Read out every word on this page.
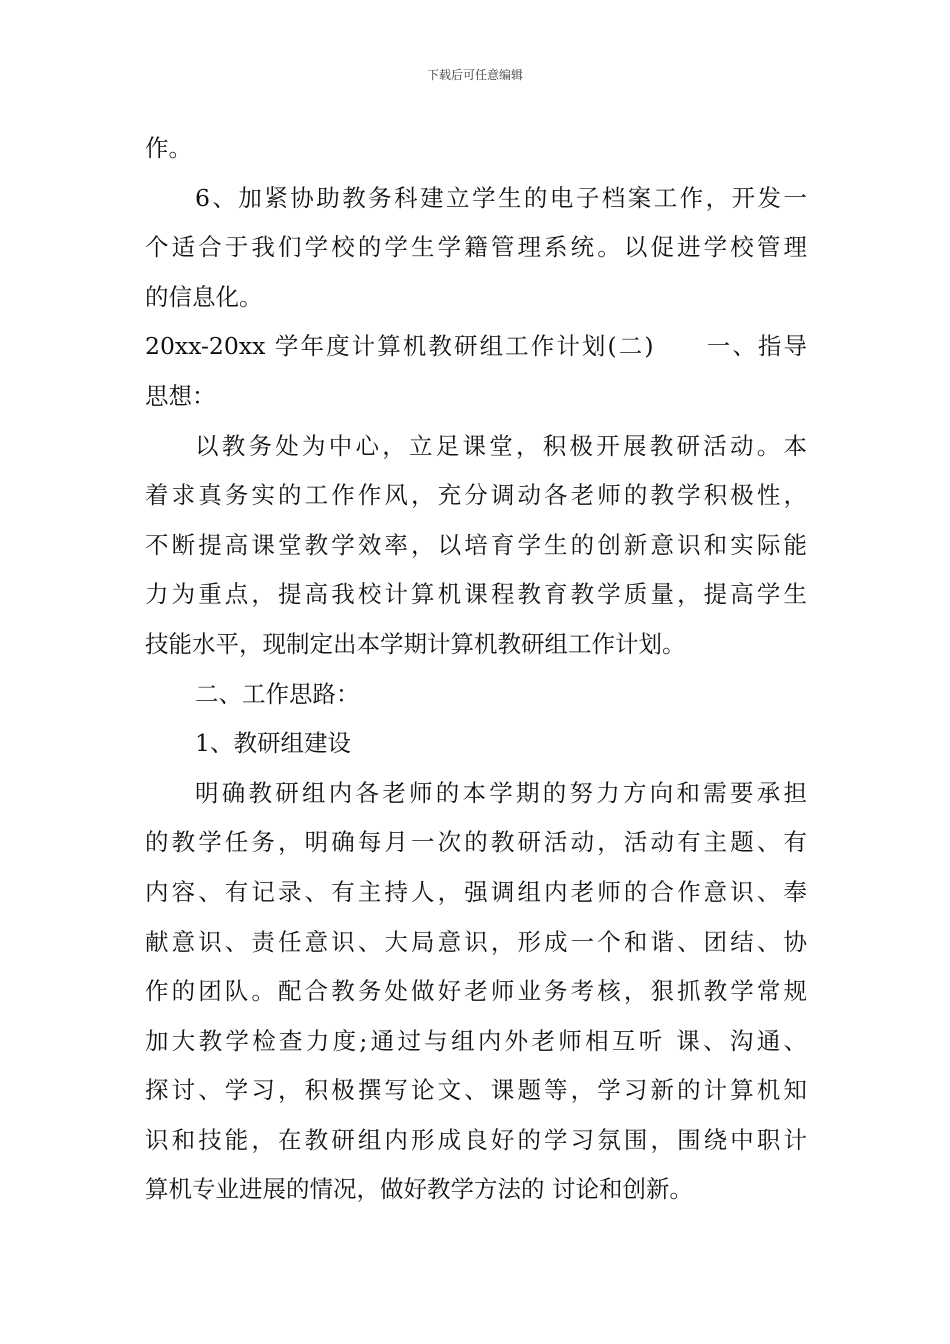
下载后可任意编辑
作。
6、加紧协助教务科建立学生的电子档案工作，开发一
个适合于我们学校的学生学籍管理系统。以促进学校管理
的信息化。
20xx-20xx 学年度计算机教研组工作计划(二)　　一、指导
思想：
以教务处为中心，立足课堂，积极开展教研活动。本
着求真务实的工作作风，充分调动各老师的教学积极性，
不断提高课堂教学效率，以培育学生的创新意识和实际能
力为重点，提高我校计算机课程教育教学质量，提高学生
技能水平，现制定出本学期计算机教研组工作计划。
二、工作思路：
1、教研组建设
明确教研组内各老师的本学期的努力方向和需要承担
的教学任务，明确每月一次的教研活动，活动有主题、有
内容、有记录、有主持人，强调组内老师的合作意识、奉
献意识、责任意识、大局意识，形成一个和谐、团结、协
作的团队。配合教务处做好老师业务考核，狠抓教学常规
加大教学检查力度;通过与组内外老师相互听 课、沟通、
探讨、学习，积极撰写论文、课题等，学习新的计算机知
识和技能，在教研组内形成良好的学习氛围，围绕中职计
算机专业进展的情况，做好教学方法的 讨论和创新。
